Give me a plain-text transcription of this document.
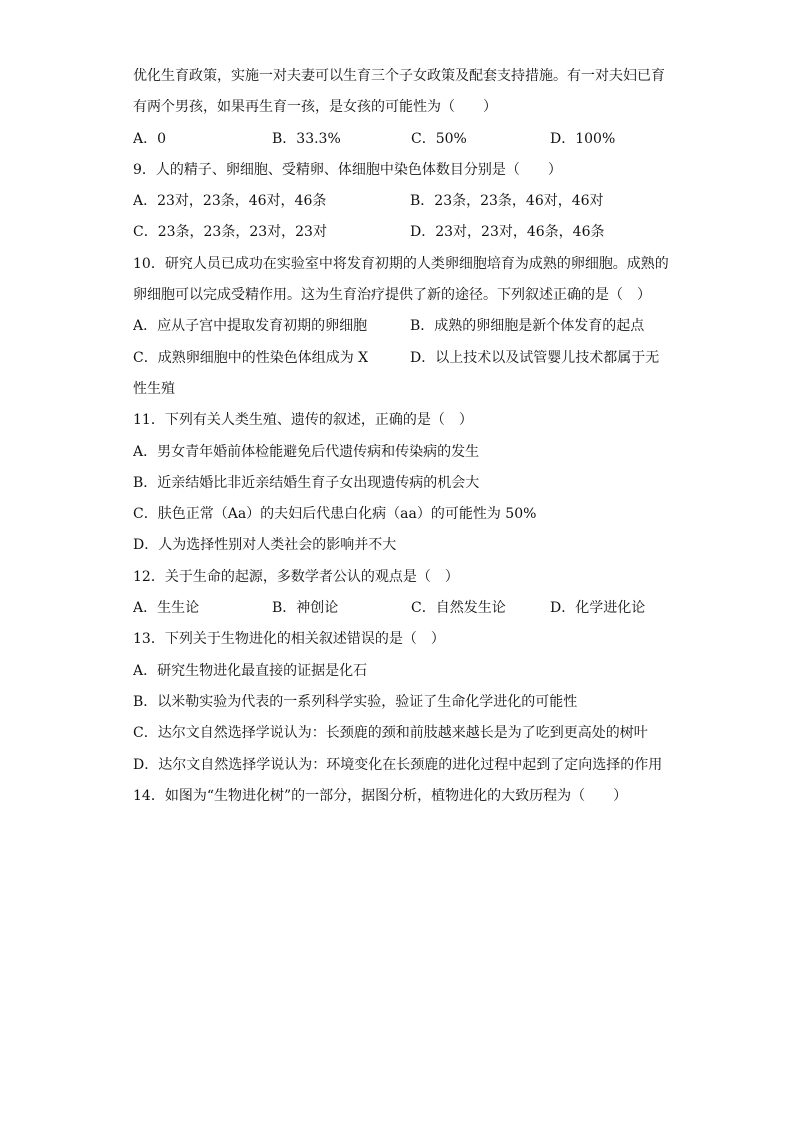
优化生育政策，实施一对夫妻可以生育三个子女政策及配套支持措施。有一对夫妇已育
有两个男孩，如果再生育一孩，是女孩的可能性为（　　）
A．0	B．33.3%	C．50%	D．100%
9．人的精子、卵细胞、受精卵、体细胞中染色体数目分别是（　　）
A．23对，23条，46对，46条	B．23条，23条，46对，46对
C．23条，23条，23对，23对	D．23对，23对，46条，46条
10．研究人员已成功在实验室中将发育初期的人类卵细胞培育为成熟的卵细胞。成熟的
卵细胞可以完成受精作用。这为生育治疗提供了新的途径。下列叙述正确的是（　）
A．应从子宫中提取发育初期的卵细胞	B．成熟的卵细胞是新个体发育的起点
C．成熟卵细胞中的性染色体组成为 X	D．以上技术以及试管婴儿技术都属于无
性生殖
11．下列有关人类生殖、遗传的叙述，正确的是（　）
A．男女青年婚前体检能避免后代遗传病和传染病的发生
B．近亲结婚比非近亲结婚生育子女出现遗传病的机会大
C．肤色正常（Aa）的夫妇后代患白化病（aa）的可能性为 50%
D．人为选择性别对人类社会的影响并不大
12．关于生命的起源，多数学者公认的观点是（　）
A．生生论	B．神创论	C．自然发生论	D．化学进化论
13．下列关于生物进化的相关叙述错误的是（　）
A．研究生物进化最直接的证据是化石
B．以米勒实验为代表的一系列科学实验，验证了生命化学进化的可能性
C．达尔文自然选择学说认为：长颈鹿的颈和前肢越来越长是为了吃到更高处的树叶
D．达尔文自然选择学说认为：环境变化在长颈鹿的进化过程中起到了定向选择的作用
14．如图为“生物进化树”的一部分，据图分析，植物进化的大致历程为（　　）
